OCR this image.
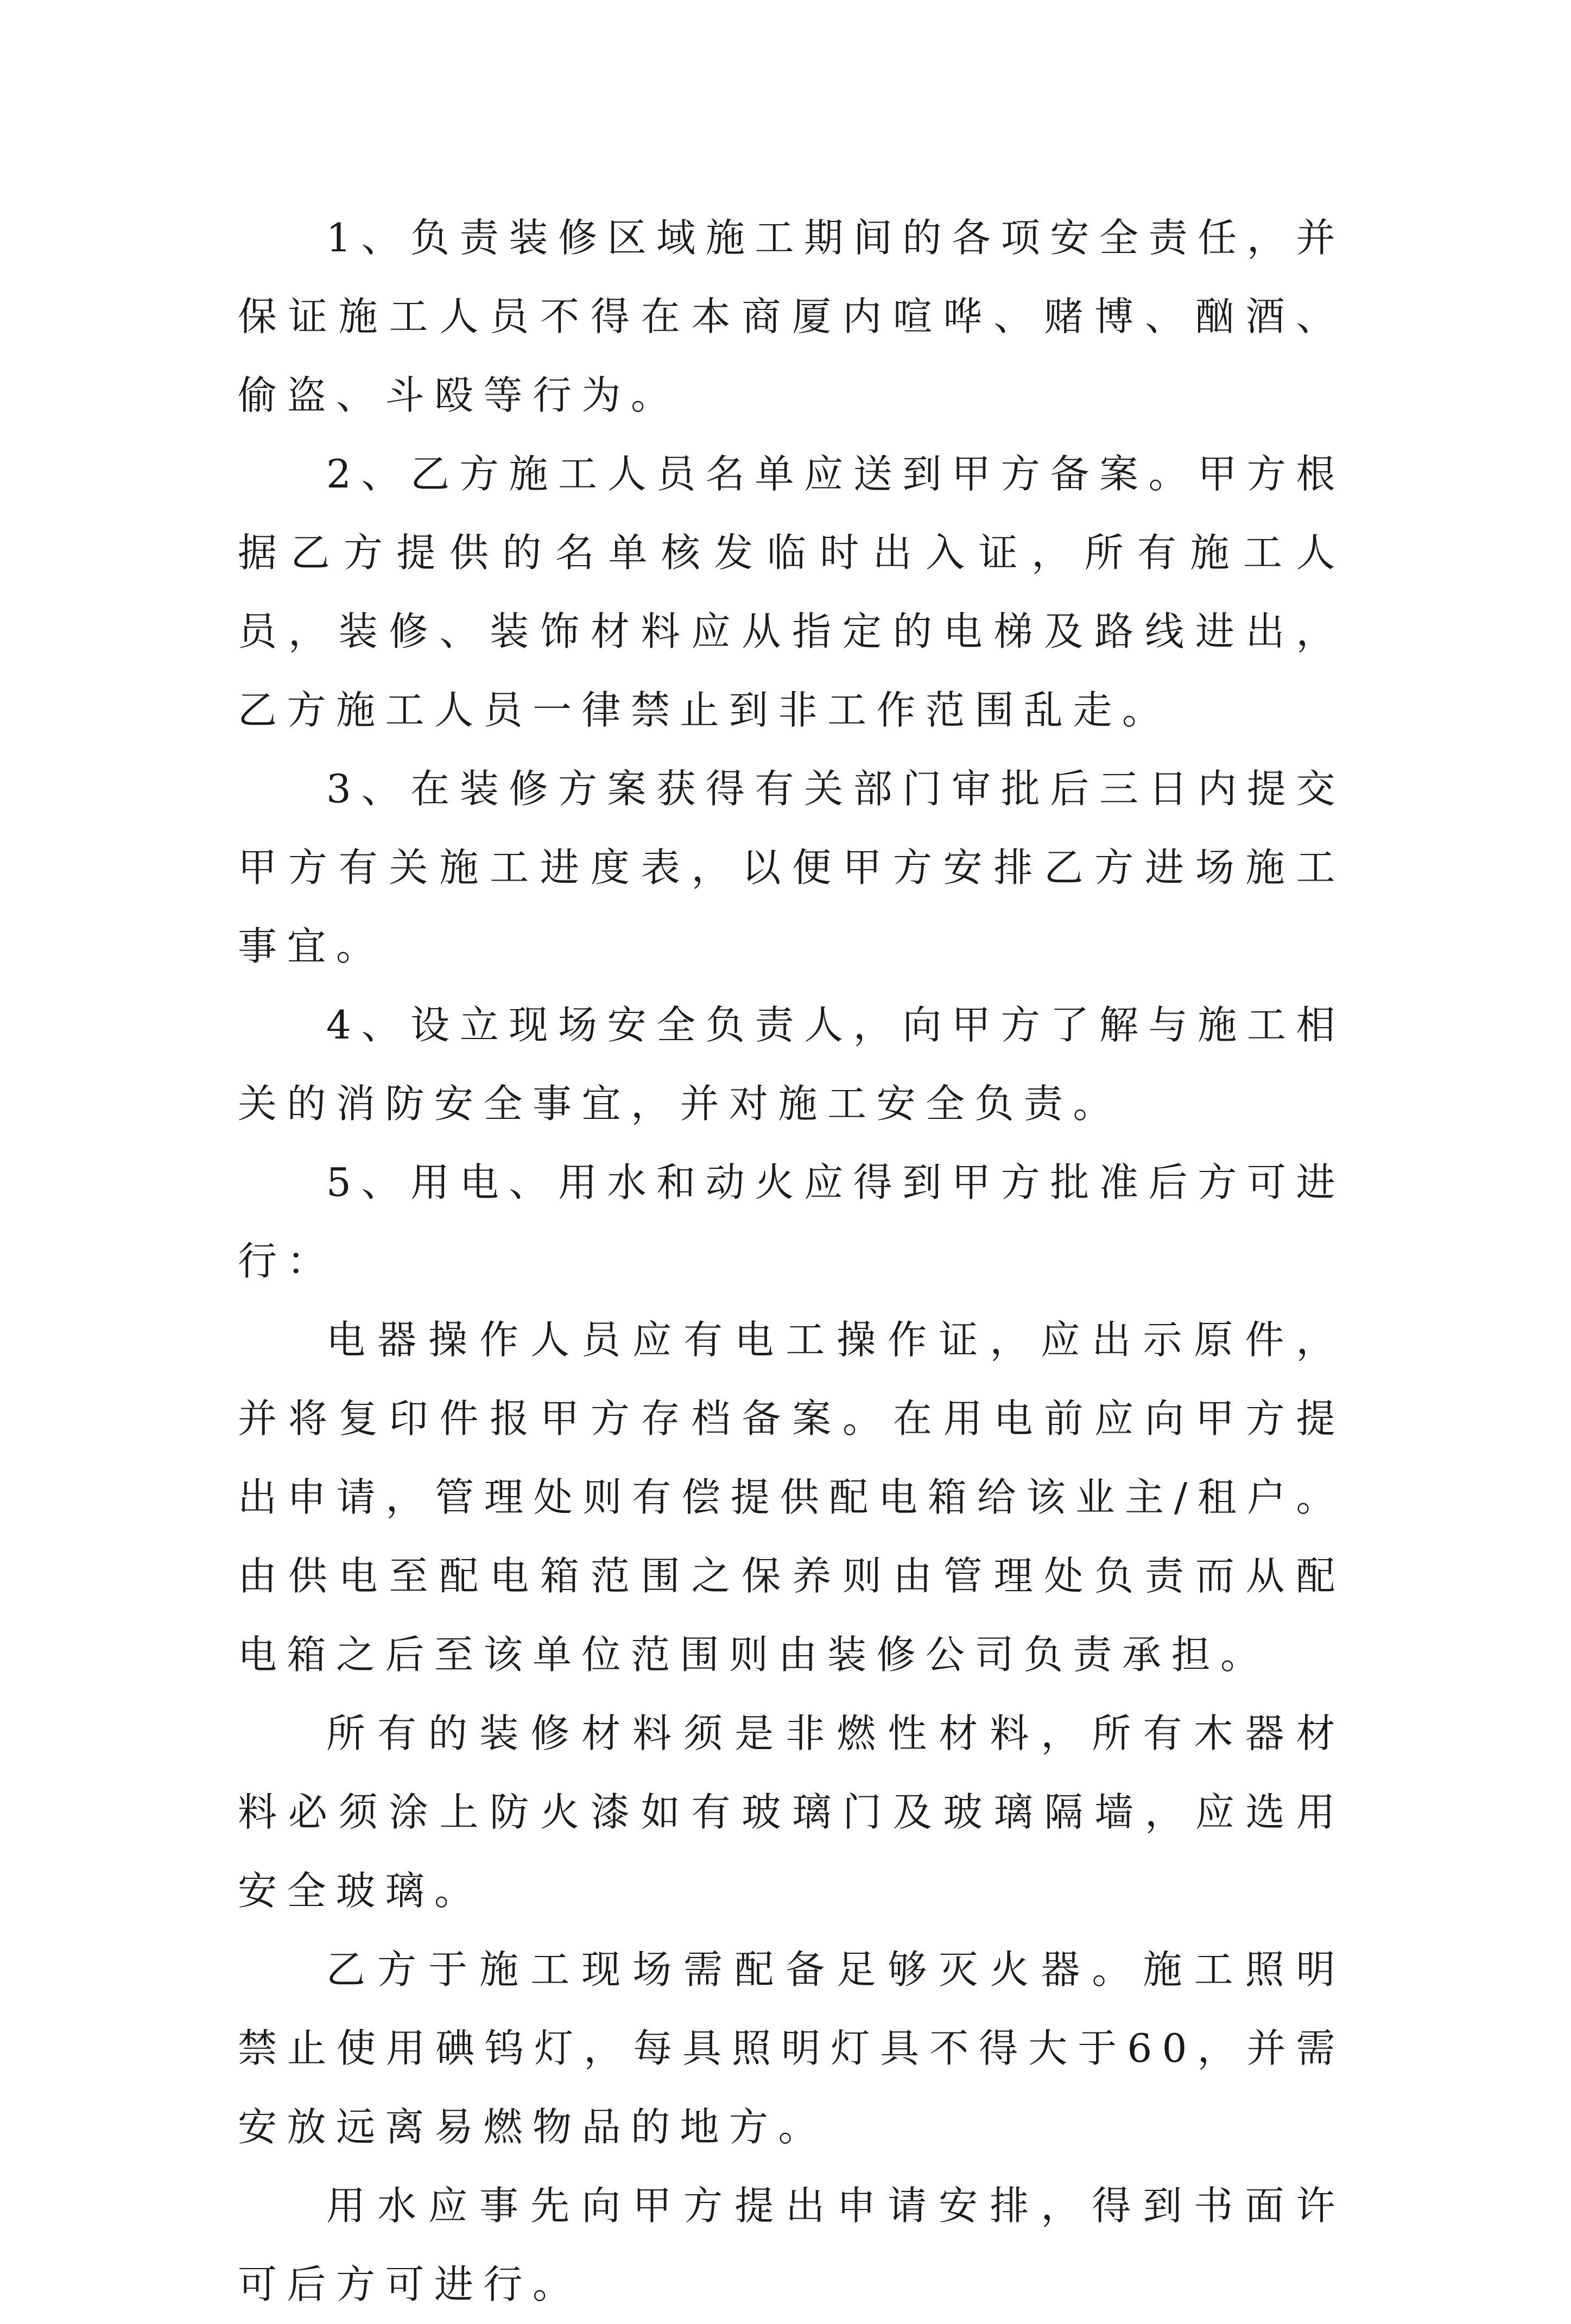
1、负责装修区域施工期间的各项安全责任，并保证施工人员不得在本商厦内喧哗、赌博、酗酒、偷盗、斗殴等行为。

2、乙方施工人员名单应送到甲方备案。甲方根据乙方提供的名单核发临时出入证，所有施工人员，装修、装饰材料应从指定的电梯及路线进出，乙方施工人员一律禁止到非工作范围乱走。

3、在装修方案获得有关部门审批后三日内提交甲方有关施工进度表，以便甲方安排乙方进场施工事宜。

4、设立现场安全负责人，向甲方了解与施工相关的消防安全事宜，并对施工安全负责。

5、用电、用水和动火应得到甲方批准后方可进行：

电器操作人员应有电工操作证，应出示原件，并将复印件报甲方存档备案。在用电前应向甲方提出申请，管理处则有偿提供配电箱给该业主/租户。由供电至配电箱范围之保养则由管理处负责而从配电箱之后至该单位范围则由装修公司负责承担。

所有的装修材料须是非燃性材料，所有木器材料必须涂上防火漆如有玻璃门及玻璃隔墙，应选用安全玻璃。

乙方于施工现场需配备足够灭火器。施工照明禁止使用碘钨灯，每具照明灯具不得大于60，并需安放远离易燃物品的地方。

用水应事先向甲方提出申请安排，得到书面许可后方可进行。
